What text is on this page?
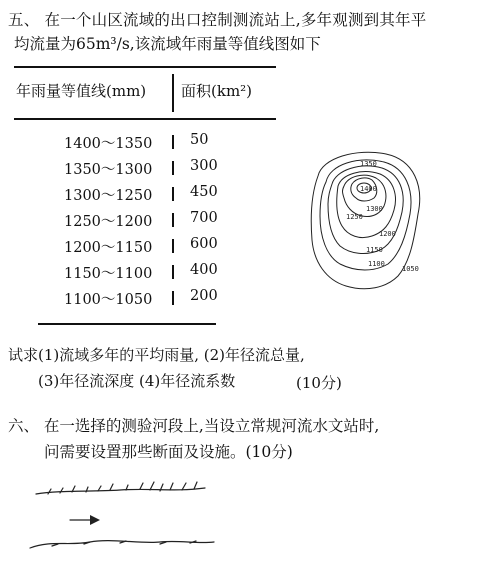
五、 在一个山区流域的出口控制测流站上,多年观测到其年平
均流量为65m³/s,该流域年雨量等值线图如下
年雨量等值线(mm) 面积(km²)
1400～1350	50
1350～1300	300
1300～1250	450
1250～1200	700
1200～1150	600
1150～1100	400
1100～1050	200
1400
1350
1300
1250
1200
1150
1100
1050
试求(1)流域多年的平均雨量, (2)年径流总量,
(3)年径流深度 (4)年径流系数	(10分)
六、 在一选择的测验河段上,当设立常规河流水文站时,
问需要设置那些断面及设施。(10分)
